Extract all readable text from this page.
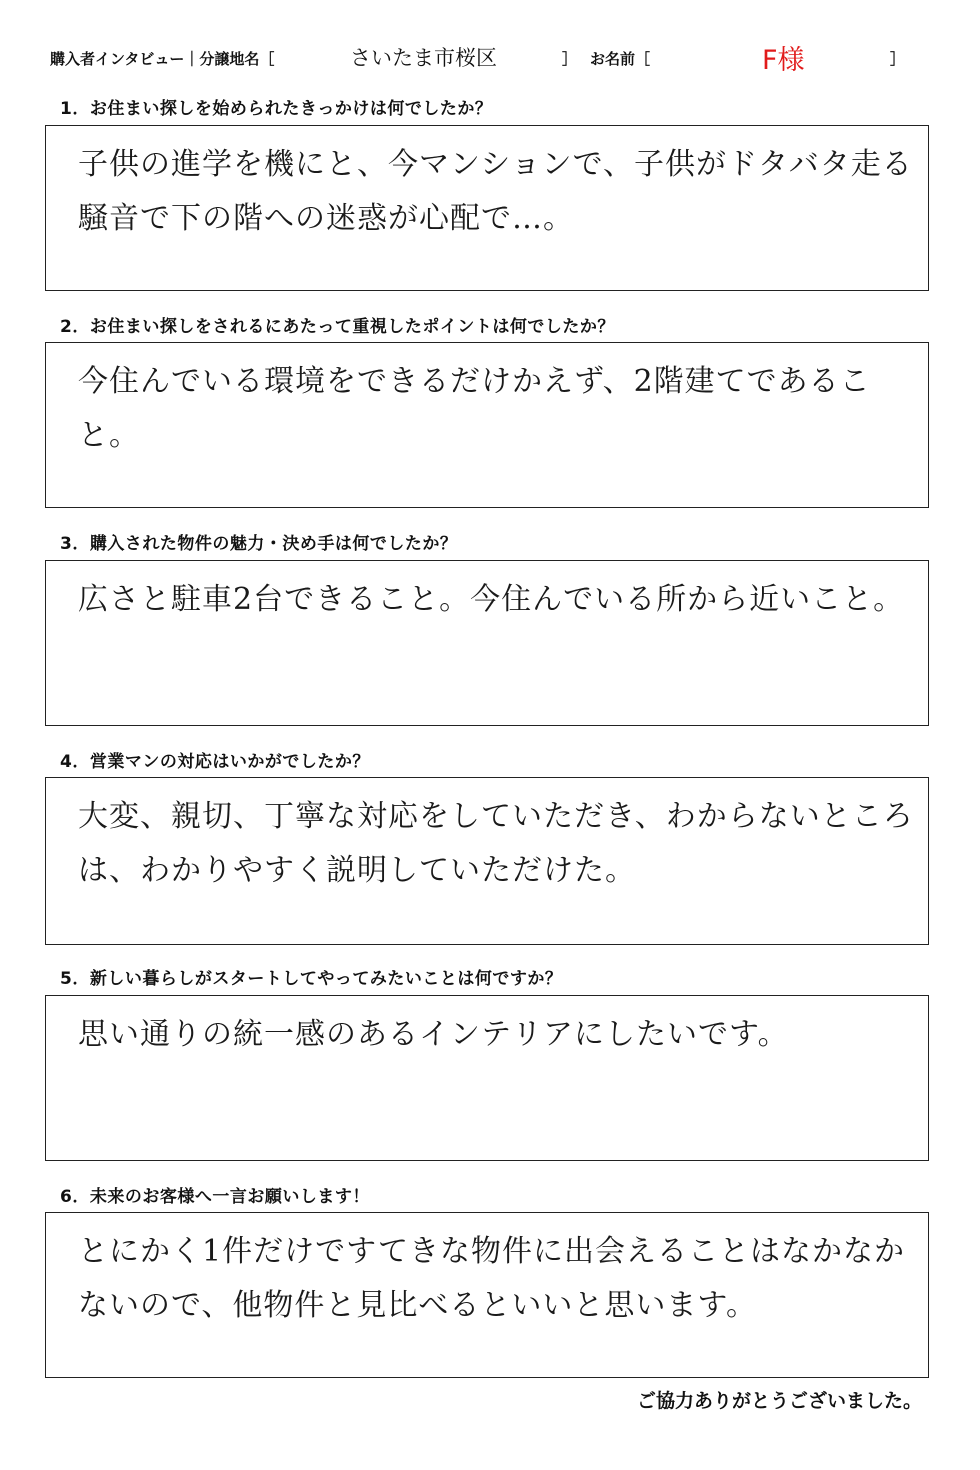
購入者インタビュー｜分譲地名［	さいたま市桜区	］ お名前［	F様	］
1．お住まい探しを始められたきっかけは何でしたか？
子供の進学を機にと、今マンションで、子供がドタバタ走る騒音で下の階への迷惑が心配で…。
2．お住まい探しをされるにあたって重視したポイントは何でしたか？
今住んでいる環境をできるだけかえず、2階建てであること。
3．購入された物件の魅力・決め手は何でしたか？
広さと駐車2台できること。今住んでいる所から近いこと。
4．営業マンの対応はいかがでしたか？
大変、親切、丁寧な対応をしていただき、わからないところは、わかりやすく説明していただけた。
5．新しい暮らしがスタートしてやってみたいことは何ですか？
思い通りの統一感のあるインテリアにしたいです。
6．未来のお客様へ一言お願いします！
とにかく1件だけですてきな物件に出会えることはなかなかないので、他物件と見比べるといいと思います。
ご協力ありがとうございました。
